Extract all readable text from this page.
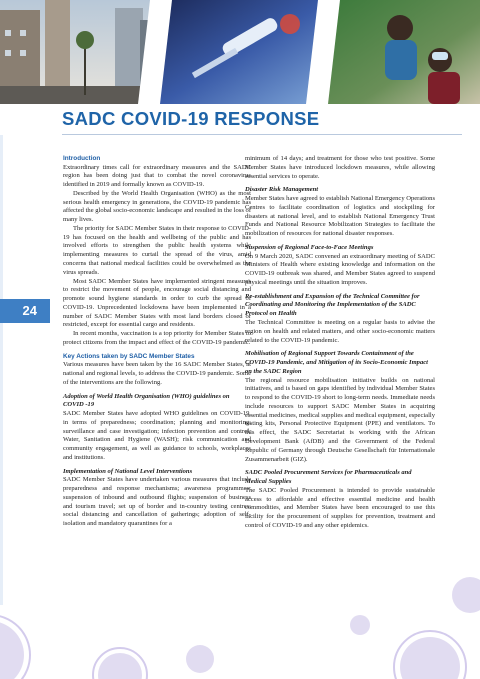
SADC COVID-19 RESPONSE
24
Introduction

Extraordinary times call for extraordinary measures and the SADC region has been doing just that to combat the novel coronavirus identified in 2019 and formally known as COVID-19.

Described by the World Health Organisation (WHO) as the most serious health emergency in generations, the COVID-19 pandemic has affected the global socio-economic landscape and resulted in the loss of many lives.

The priority for SADC Member States in their response to COVID-19 has focused on the health and wellbeing of the public and has involved efforts to strengthen the public health systems while implementing measures to curtail the spread of the virus, amid concerns that national medical facilities could be overwhelmed as the virus spreads.

Most SADC Member States have implemented stringent measures to restrict the movement of people, encourage social distancing and promote sound hygiene standards in order to curb the spread of COVID-19. Unprecedented lockdowns have been implemented in a number of SADC Member States with most land borders closed or restricted, except for essential cargo and residents.

In recent months, vaccination is a top priority for Member States to protect citizens from the impact and effect of the COVID-19 pandemic.

Key Actions taken by SADC Member States

Various measures have been taken by the 16 SADC Member States, at national and regional levels, to address the COVID-19 pandemic. Some of the interventions are the following.

Adoption of World Health Organisation (WHO) guidelines on COVID -19

SADC Member States have adopted WHO guidelines on COVID-19, in terms of preparedness; coordination; planning and monitoring; surveillance and case investigation; infection prevention and control; Water, Sanitation and Hygiene (WASH); risk communication and community engagement, as well as guidance to schools, workplaces and institutions.

Implementation of National Level Interventions

SADC Member States have undertaken various measures that include preparedness and response mechanisms; awareness programmes; suspension of inbound and outbound flights; suspension of business and tourism travel; set up of border and in-country testing centres; social distancing and cancellation of gatherings; adoption of self-isolation and mandatory quarantines for a

minimum of 14 days; and treatment for those who test positive. Some Member States have introduced lockdown measures, while allowing essential services to operate.

Disaster Risk Management

Member States have agreed to establish National Emergency Operations Centres to facilitate coordination of logistics and stockpiling for disasters at national level, and to establish National Emergency Trust Funds and National Resource Mobilization Strategies to facilitate the mobilization of resources for national disaster responses.

Suspension of Regional Face-to-Face Meetings

On 9 March 2020, SADC convened an extraordinary meeting of SADC Ministers of Health where existing knowledge and information on the COVID-19 outbreak was shared, and Member States agreed to suspend physical meetings until the situation improves.

Re-establishment and Expansion of the Technical Committee for Coordinating and Monitoring the Implementation of the SADC Protocol on Health

The Technical Committee is meeting on a regular basis to advise the region on health and related matters, and other socio-economic matters related to the COVID-19 pandemic.

Mobilisation of Regional Support Towards Containment of the COVID-19 Pandemic, and Mitigation of its Socio-Economic Impact on the SADC Region

The regional resource mobilisation initiative builds on national initiatives, and is based on gaps identified by individual Member States to respond to the COVID-19 short to long-term needs. Immediate needs include resources to support SADC Member States in acquiring essential medicines, medical supplies and medical equipment, especially testing kits, Personal Protective Equipment (PPE) and ventilators. To this effect, the SADC Secretariat is working with the African Development Bank (AfDB) and the Government of the Federal Republic of Germany through Deutsche Gesellschaft für Internationale Zusammenarbeit (GIZ).

SADC Pooled Procurement Services for Pharmaceuticals and Medical Supplies

The SADC Pooled Procurement is intended to provide sustainable access to affordable and effective essential medicine and health commodities, and Member States have been encouraged to use this facility for the procurement of supplies for prevention, treatment and control of COVID-19 and any other epidemics.
